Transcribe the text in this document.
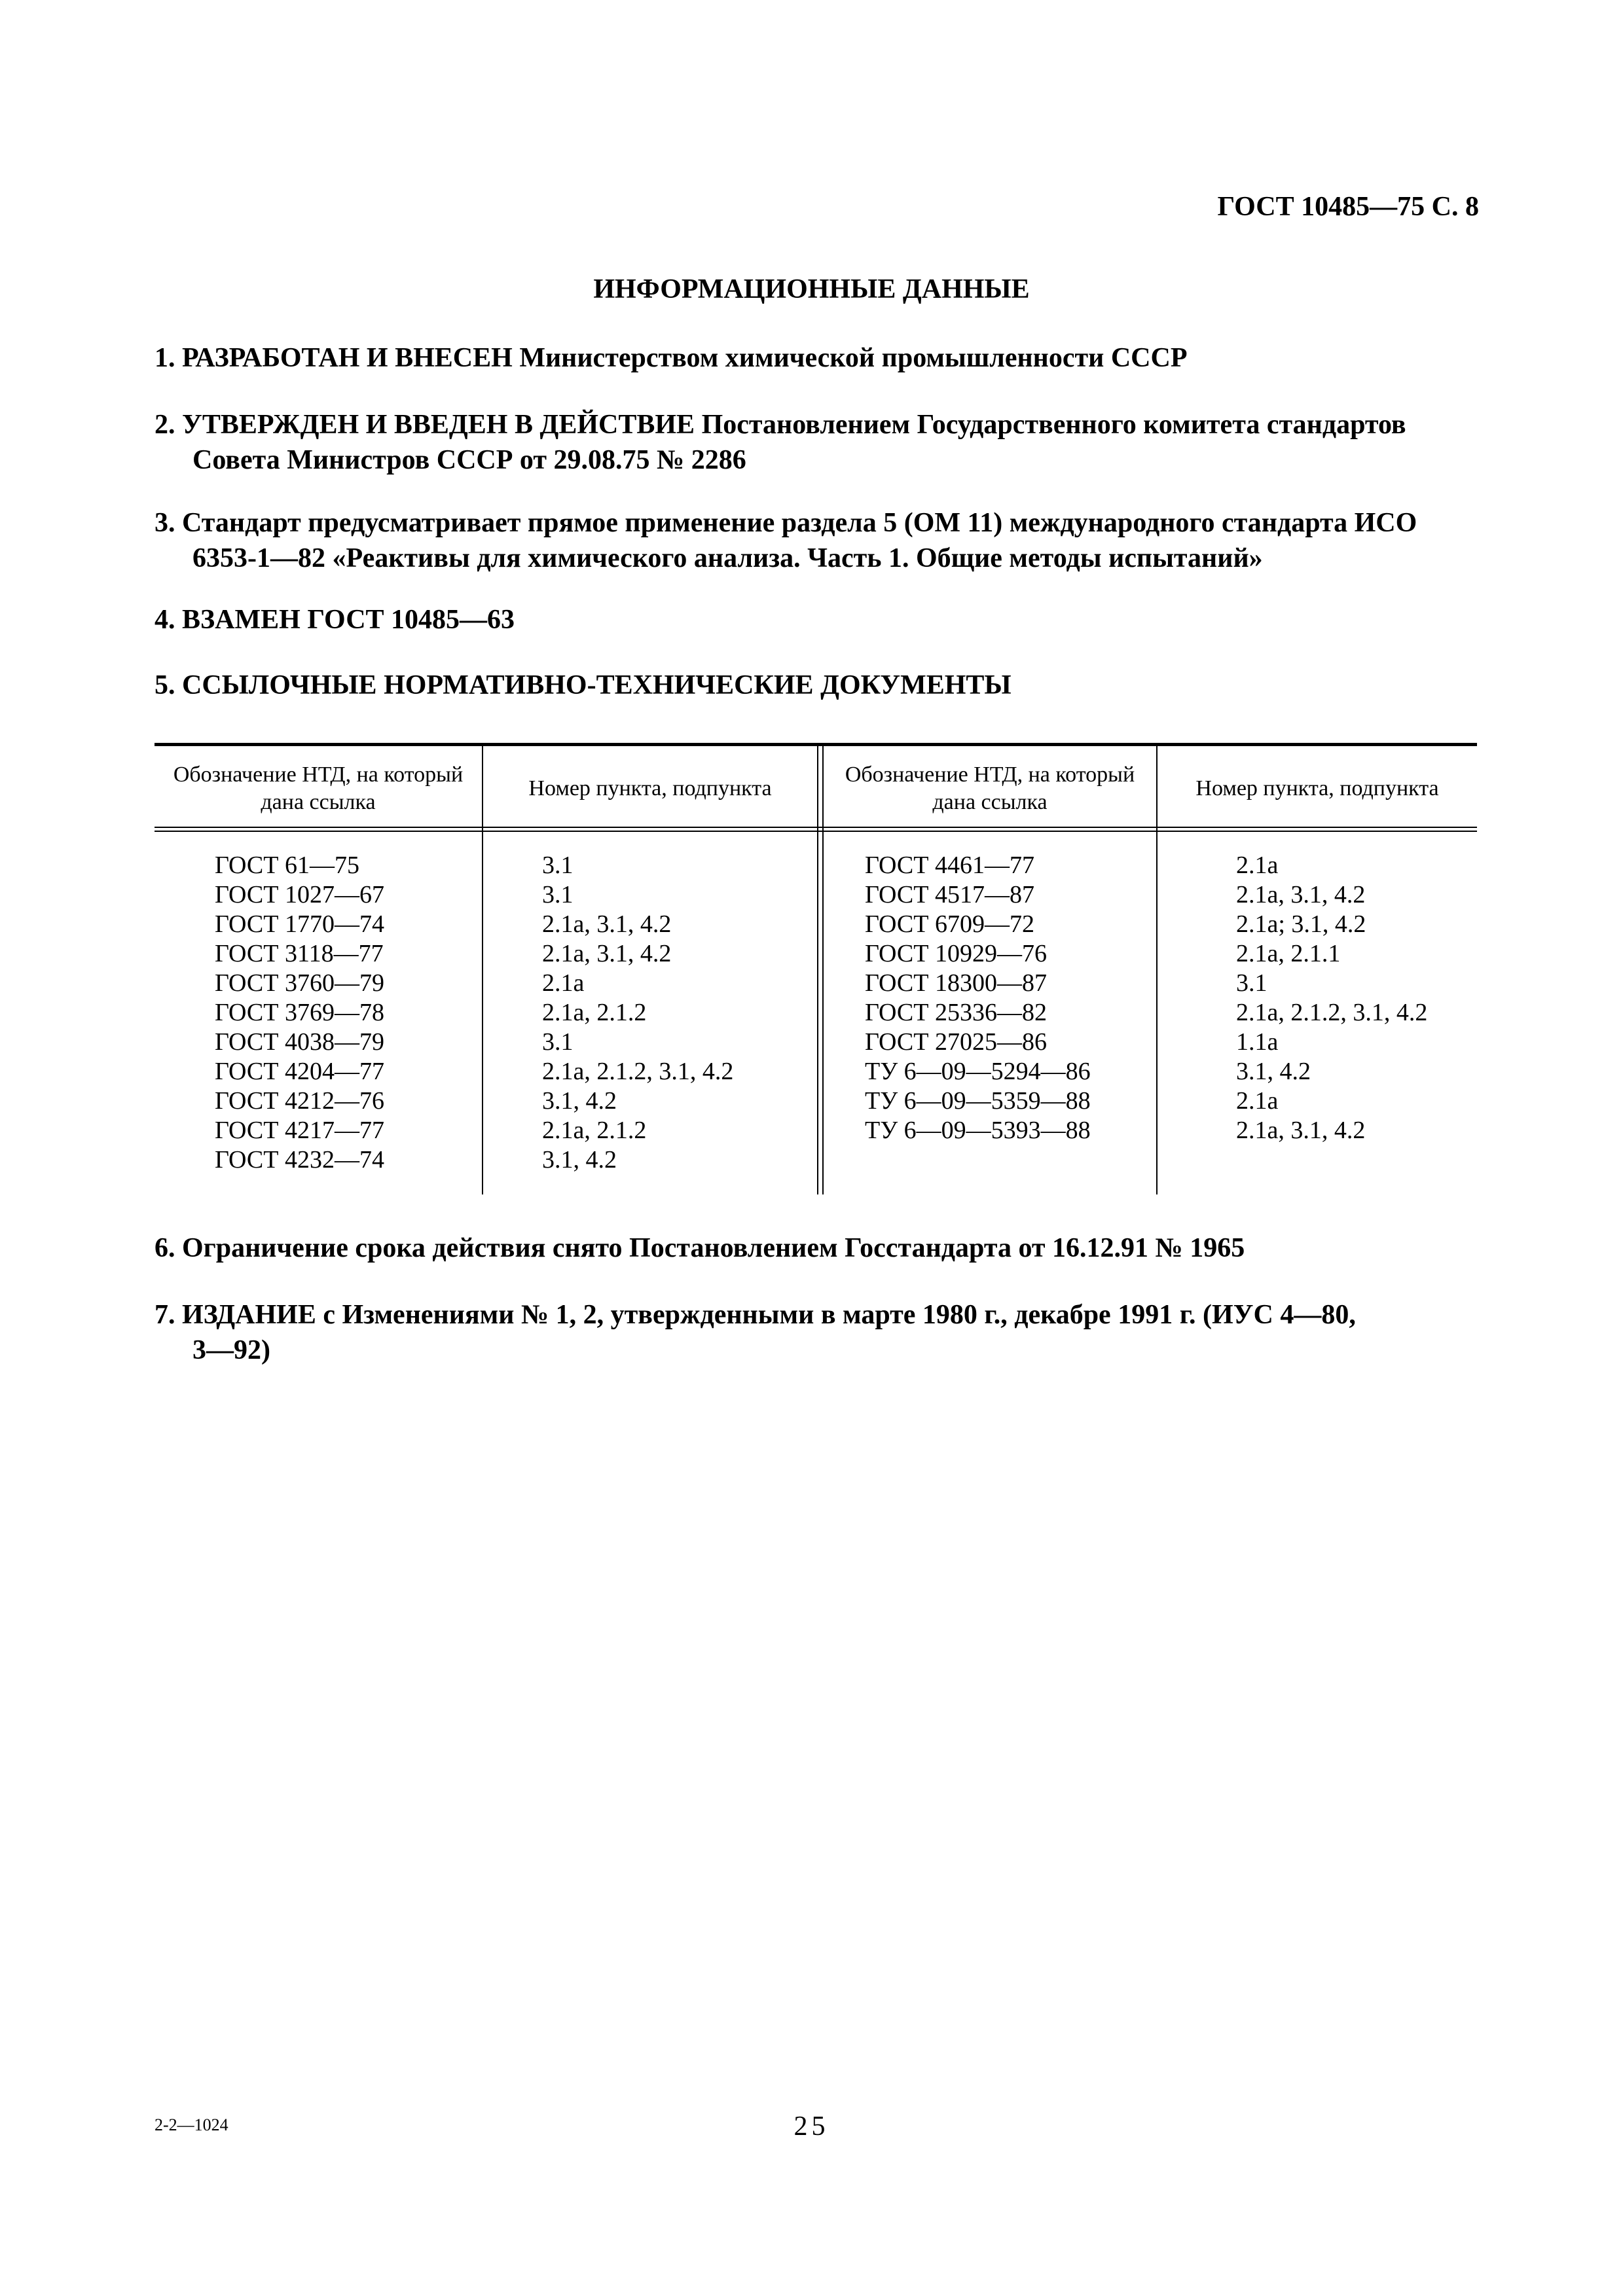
ГОСТ 10485—75 С. 8
ИНФОРМАЦИОННЫЕ ДАННЫЕ
1. РАЗРАБОТАН И ВНЕСЕН Министерством химической промышленности СССР
2. УТВЕРЖДЕН И ВВЕДЕН В ДЕЙСТВИЕ Постановлением Государственного комитета стандартов
Совета Министров СССР от 29.08.75 № 2286
3. Стандарт предусматривает прямое применение раздела 5 (ОМ 11) международного стандарта ИСО
6353-1—82 «Реактивы для химического анализа. Часть 1. Общие методы испытаний»
4. ВЗАМЕН ГОСТ 10485—63
5. ССЫЛОЧНЫЕ НОРМАТИВНО-ТЕХНИЧЕСКИЕ ДОКУМЕНТЫ
Обозначение НТД, на который дана ссылка
Номер пункта, подпункта
Обозначение НТД, на который дана ссылка
Номер пункта, подпункта
ГОСТ 61—75
ГОСТ 1027—67
ГОСТ 1770—74
ГОСТ 3118—77
ГОСТ 3760—79
ГОСТ 3769—78
ГОСТ 4038—79
ГОСТ 4204—77
ГОСТ 4212—76
ГОСТ 4217—77
ГОСТ 4232—74
3.1
3.1
2.1а, 3.1, 4.2
2.1а, 3.1, 4.2
2.1а
2.1а, 2.1.2
3.1
2.1а, 2.1.2, 3.1, 4.2
3.1, 4.2
2.1а, 2.1.2
3.1, 4.2
ГОСТ 4461—77
ГОСТ 4517—87
ГОСТ 6709—72
ГОСТ 10929—76
ГОСТ 18300—87
ГОСТ 25336—82
ГОСТ 27025—86
ТУ 6—09—5294—86
ТУ 6—09—5359—88
ТУ 6—09—5393—88
2.1а
2.1а, 3.1, 4.2
2.1а; 3.1, 4.2
2.1а, 2.1.1
3.1
2.1а, 2.1.2, 3.1, 4.2
1.1а
3.1, 4.2
2.1а
2.1а, 3.1, 4.2
6. Ограничение срока действия снято Постановлением Госстандарта от 16.12.91 № 1965
7. ИЗДАНИЕ с Изменениями № 1, 2, утвержденными в марте 1980 г., декабре 1991 г. (ИУС 4—80,
3—92)
2-2—1024	25
